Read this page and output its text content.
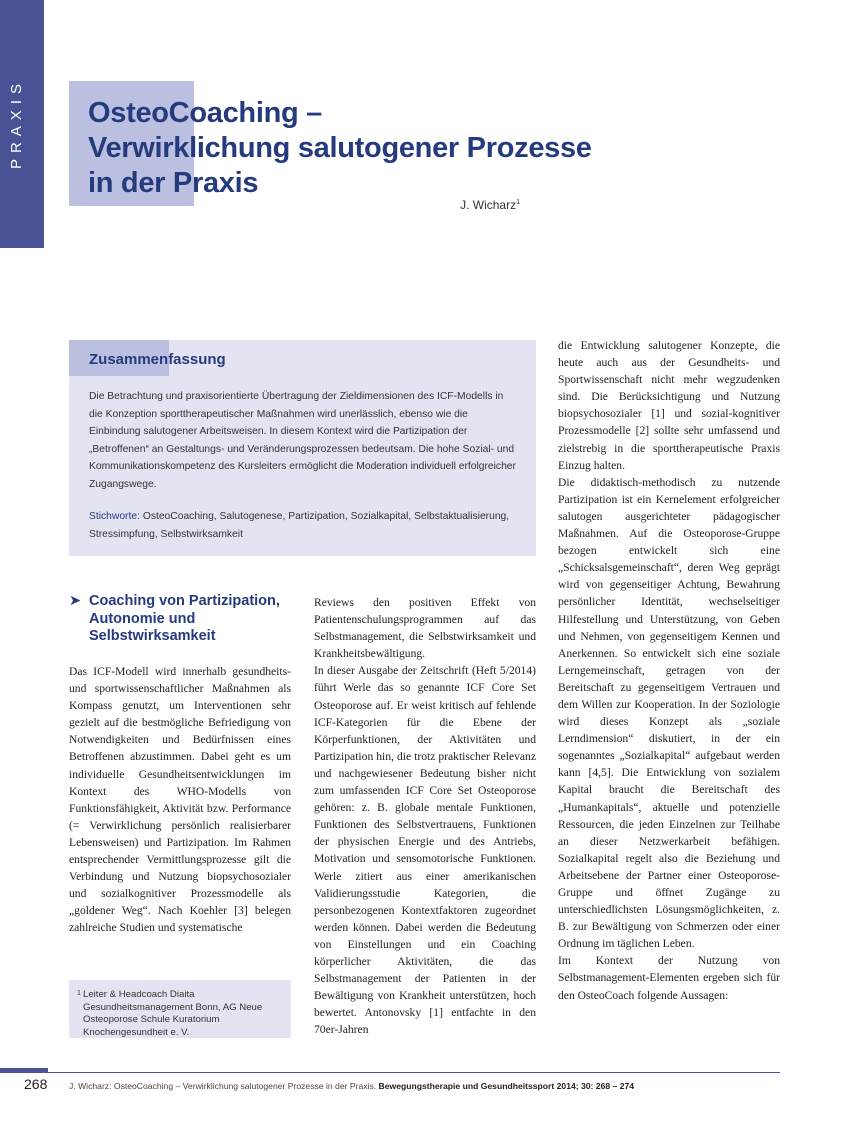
PRAXIS	OsteoCoaching –
Verwirklichung salutogener Prozesse
in der Praxis
J. Wicharz$^1$
Zusammenfassung

Die Betrachtung und praxisorientierte Übertragung der Zieldimensionen des ICF-Modells in die Konzeption sporttherapeutischer Maßnahmen wird unerlässlich, ebenso wie die Einbindung salutogener Arbeitsweisen. In diesem Kontext wird die Partizipation der „Betroffenen“ an Gestaltungs- und Veränderungsprozessen bedeutsam. Die hohe Sozial- und Kommunikationskompetenz des Kursleiters ermöglicht die Moderation individuell erfolgreicher Zugangswege.

Stichworte: OsteoCoaching, Salutogenese, Partizipation, Sozialkapital, Selbstaktualisierung, Stressimpfung, Selbstwirksamkeit

➤ Coaching von Partizipation, Autonomie und Selbstwirksamkeit

Das ICF-Modell wird innerhalb gesundheits- und sportwissenschaftlicher Maßnahmen als Kompass genutzt, um Interventionen sehr gezielt auf die bestmögliche Befriedigung von Notwendigkeiten und Bedürfnissen eines Betroffenen abzustimmen. Dabei geht es um individuelle Gesundheitsentwicklungen im Kontext des WHO-Modells von Funktionsfähigkeit, Aktivität bzw. Performance (= Verwirklichung persönlich realisierbarer Lebensweisen) und Partizipation. Im Rahmen entsprechender Vermittlungsprozesse gilt die Verbindung und Nutzung biopsychosozialer und sozialkognitiver Prozessmodelle als „goldener Weg“. Nach Koehler [3] belegen zahlreiche Studien und systematische

Reviews den positiven Effekt von Patientenschulungsprogrammen auf das Selbstmanagement, die Selbstwirksamkeit und Krankheitsbewältigung.

In dieser Ausgabe der Zeitschrift (Heft 5/2014) führt Werle das so genannte ICF Core Set Osteoporose auf. Er weist kritisch auf fehlende ICF-Kategorien für die Ebene der Körperfunktionen, der Aktivitäten und Partizipation hin, die trotz praktischer Relevanz und nachgewiesener Bedeutung bisher nicht zum umfassenden ICF Core Set Osteoporose gehören: z. B. globale mentale Funktionen, Funktionen des Selbstvertrauens, Funktionen der physischen Energie und des Antriebs, Motivation und sensomotorische Funktionen. Werle zitiert aus einer amerikanischen Validierungsstudie Kategorien, die personbezogenen Kontextfaktoren zugeordnet werden können. Dabei werden die Bedeutung von Einstellungen und ein Coaching körperlicher Aktivitäten, die das Selbstmanagement der Patienten in der Bewältigung von Krankheit unterstützen, hoch bewertet. Antonovsky [1] entfachte in den 70er-Jahren

die Entwicklung salutogener Konzepte, die heute auch aus der Gesundheits- und Sportwissenschaft nicht mehr wegzudenken sind. Die Berücksichtigung und Nutzung biopsychosozialer [1] und sozial-kognitiver Prozessmodelle [2] sollte sehr umfassend und zielstrebig in die sporttherapeutische Praxis Einzug halten.

Die didaktisch-methodisch zu nutzende Partizipation ist ein Kernelement erfolgreicher salutogen ausgerichteter pädagogischer Maßnahmen. Auf die Osteoporose-Gruppe bezogen entwickelt sich eine „Schicksalsgemeinschaft“, deren Weg geprägt wird von gegenseitiger Achtung, Bewahrung persönlicher Identität, wechselseitiger Hilfestellung und Unterstützung, von Geben und Nehmen, von gegenseitigem Kennen und Anerkennen. So entwickelt sich eine soziale Lerngemeinschaft, getragen von der Bereitschaft zu gegenseitigem Vertrauen und dem Willen zur Kooperation. In der Soziologie wird dieses Konzept als „soziale Lerndimension“ diskutiert, in der ein sogenanntes „Sozialkapital“ aufgebaut werden kann [4,5]. Die Entwicklung von sozialem Kapital braucht die Bereitschaft des „Humankapitals“, aktuelle und potenzielle Ressourcen, die jeden Einzelnen zur Teilhabe an dieser Netzwerkarbeit befähigen. Sozialkapital regelt also die Beziehung und Arbeitsebene der Partner einer Osteoporose-Gruppe und öffnet Zugänge zu unterschiedlichsten Lösungsmöglichkeiten, z. B. zur Bewältigung von Schmerzen oder einer Ordnung im täglichen Leben.

Im Kontext der Nutzung von Selbstmanagement-Elementen ergeben sich für den OsteoCoach folgende Aussagen:

1 Leiter & Headcoach Diaita Gesundheitsmanagement Bonn, AG Neue Osteoporose Schule Kuratorium Knochengesundheit e. V.
268	J. Wicharz: OsteoCoaching – Verwirklichung salutogener Prozesse in der Praxis. Bewegungstherapie und Gesundheitssport 2014; 30: 268 – 274
